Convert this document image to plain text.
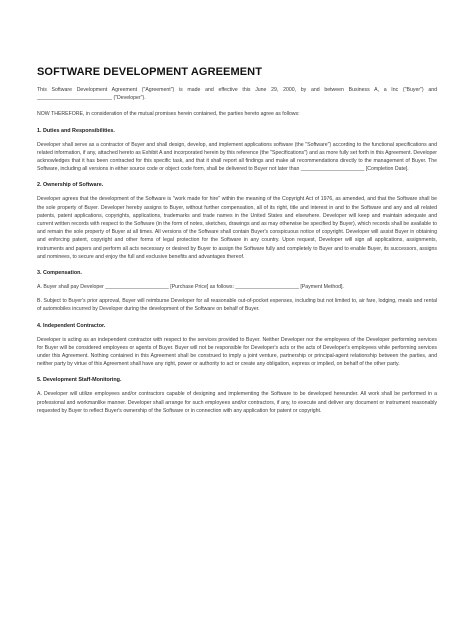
SOFTWARE DEVELOPMENT AGREEMENT

This Software Development Agreement ("Agreement") is made and effective this June 29, 2000, by and between Business A, a Inc ("Buyer") and __________________________ ("Developer").

NOW THEREFORE, in consideration of the mutual promises herein contained, the parties hereto agree as follows:

1. Duties and Responsibilities.

Developer shall serve as a contractor of Buyer and shall design, develop, and implement applications software (the "Software") according to the functional specifications and related information, if any, attached hereto as Exhibit A and incorporated herein by this reference (the "Specifications") and as more fully set forth in this Agreement. Developer acknowledges that it has been contracted for this specific task, and that it shall report all findings and make all recommendations directly to the management of Buyer. The Software, including all versions in either source code or object code form, shall be delivered to Buyer not later than ______________________ [Completion Date].

2. Ownership of Software.

Developer agrees that the development of the Software is "work made for hire" within the meaning of the Copyright Act of 1976, as amended, and that the Software shall be the sole property of Buyer. Developer hereby assigns to Buyer, without further compensation, all of its right, title and interest in and to the Software and any and all related patents, patent applications, copyrights, applications, trademarks and trade names in the United States and elsewhere. Developer will keep and maintain adequate and current written records with respect to the Software (in the form of notes, sketches, drawings and as may otherwise be specified by Buyer), which records shall be available to and remain the sole property of Buyer at all times. All versions of the Software shall contain Buyer's conspicuous notice of copyright. Developer will assist Buyer in obtaining and enforcing patent, copyright and other forms of legal protection for the Software in any country. Upon request, Developer will sign all applications, assignments, instruments and papers and perform all acts necessary or desired by Buyer to assign the Software fully and completely to Buyer and to enable Buyer, its successors, assigns and nominees, to secure and enjoy the full and exclusive benefits and advantages thereof.

3. Compensation.

A. Buyer shall pay Developer ______________________ [Purchase Price] as follows: ______________________ [Payment Method].

B. Subject to Buyer's prior approval, Buyer will reimburse Developer for all reasonable out-of-pocket expenses, including but not limited to, air fare, lodging, meals and rental of automobiles incurred by Developer during the development of the Software on behalf of Buyer.

4. Independent Contractor.

Developer is acting as an independent contractor with respect to the services provided to Buyer. Neither Developer nor the employees of the Developer performing services for Buyer will be considered employees or agents of Buyer. Buyer will not be responsible for Developer's acts or the acts of Developer's employees while performing services under this Agreement. Nothing contained in this Agreement shall be construed to imply a joint venture, partnership or principal-agent relationship between the parties, and neither party by virtue of this Agreement shall have any right, power or authority to act or create any obligation, express or implied, on behalf of the other party.

5. Development Staff-Monitoring.

A. Developer will utilize employees and/or contractors capable of designing and implementing the Software to be developed hereunder. All work shall be performed in a professional and workmanlike manner. Developer shall arrange for such employees and/or contractors, if any, to execute and deliver any document or instrument reasonably requested by Buyer to reflect Buyer's ownership of the Software or in connection with any application for patent or copyright.
